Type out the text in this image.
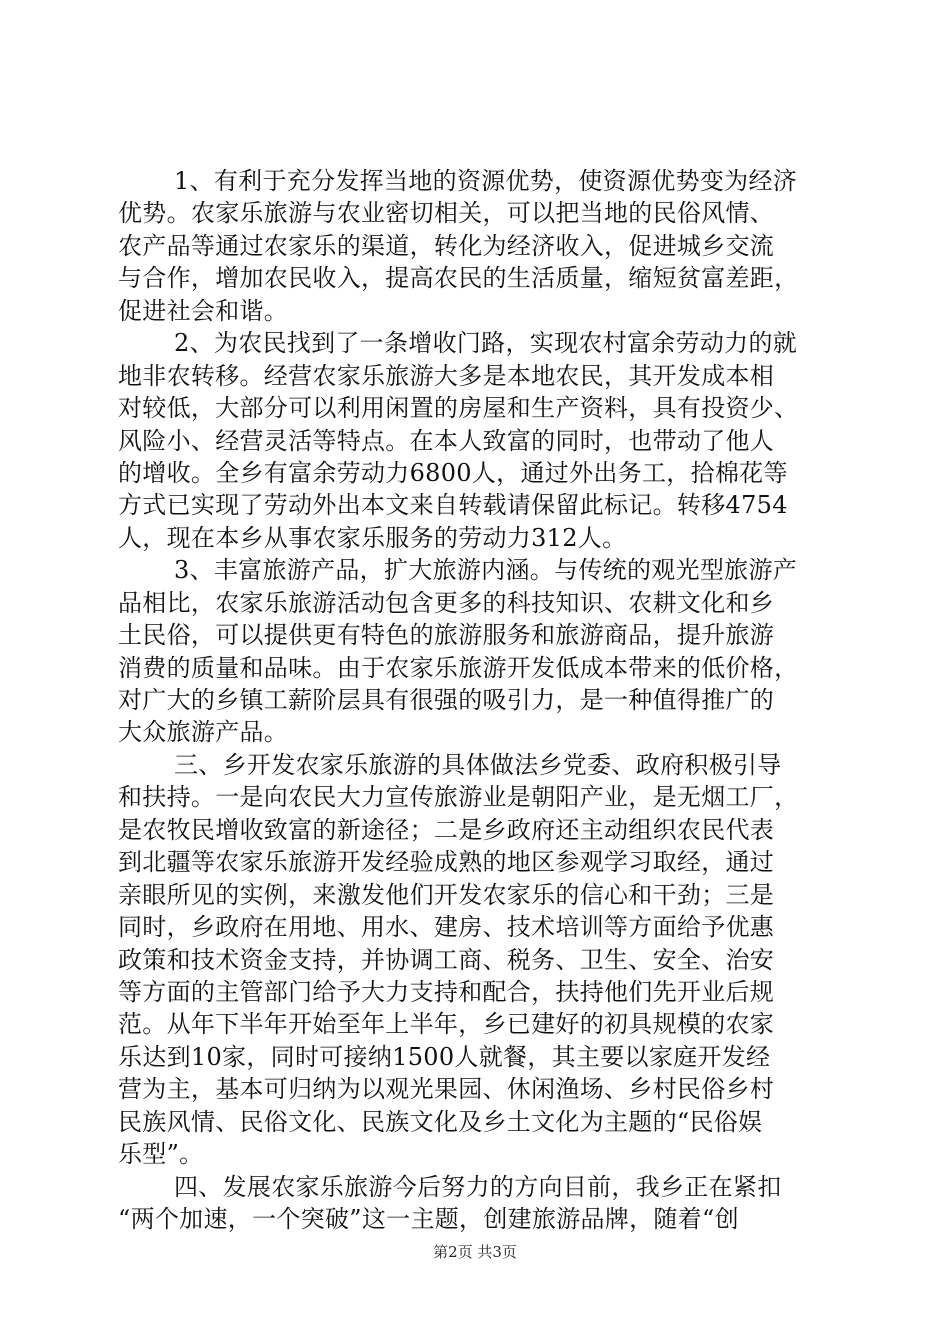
1、有利于充分发挥当地的资源优势，使资源优势变为经济
优势。农家乐旅游与农业密切相关，可以把当地的民俗风情、
农产品等通过农家乐的渠道，转化为经济收入，促进城乡交流
与合作，增加农民收入，提高农民的生活质量，缩短贫富差距，
促进社会和谐。
2、为农民找到了一条增收门路，实现农村富余劳动力的就
地非农转移。经营农家乐旅游大多是本地农民，其开发成本相
对较低，大部分可以利用闲置的房屋和生产资料，具有投资少、
风险小、经营灵活等特点。在本人致富的同时，也带动了他人
的增收。全乡有富余劳动力6800人，通过外出务工，拾棉花等
方式已实现了劳动外出本文来自转载请保留此标记。转移4754
人，现在本乡从事农家乐服务的劳动力312人。
3、丰富旅游产品，扩大旅游内涵。与传统的观光型旅游产
品相比，农家乐旅游活动包含更多的科技知识、农耕文化和乡
土民俗，可以提供更有特色的旅游服务和旅游商品，提升旅游
消费的质量和品味。由于农家乐旅游开发低成本带来的低价格，
对广大的乡镇工薪阶层具有很强的吸引力，是一种值得推广的
大众旅游产品。
三、乡开发农家乐旅游的具体做法乡党委、政府积极引导
和扶持。一是向农民大力宣传旅游业是朝阳产业，是无烟工厂，
是农牧民增收致富的新途径；二是乡政府还主动组织农民代表
到北疆等农家乐旅游开发经验成熟的地区参观学习取经，通过
亲眼所见的实例，来激发他们开发农家乐的信心和干劲；三是
同时，乡政府在用地、用水、建房、技术培训等方面给予优惠
政策和技术资金支持，并协调工商、税务、卫生、安全、治安
等方面的主管部门给予大力支持和配合，扶持他们先开业后规
范。从年下半年开始至年上半年，乡已建好的初具规模的农家
乐达到10家，同时可接纳1500人就餐，其主要以家庭开发经
营为主，基本可归纳为以观光果园、休闲渔场、乡村民俗乡村
民族风情、民俗文化、民族文化及乡土文化为主题的“民俗娱
乐型”。
四、发展农家乐旅游今后努力的方向目前，我乡正在紧扣
“两个加速，一个突破”这一主题，创建旅游品牌，随着“创
第2页 共3页
